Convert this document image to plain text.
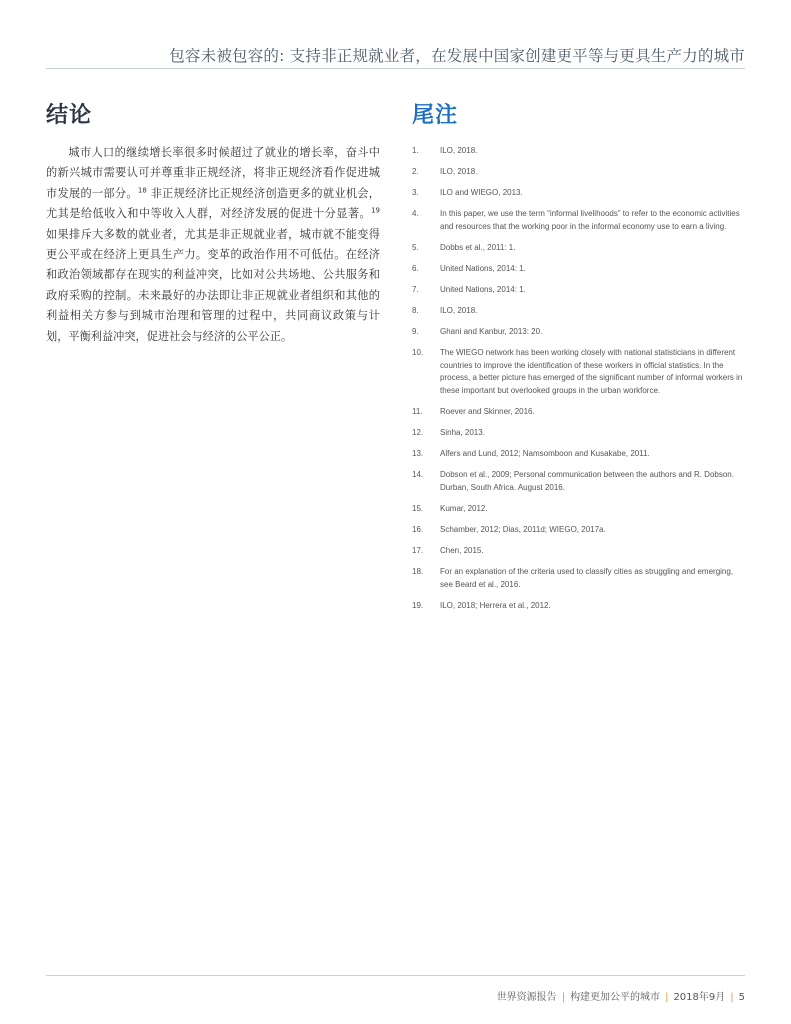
包容未被包容的: 支持非正规就业者，在发展中国家创建更平等与更具生产力的城市
结论

城市人口的继续增长率很多时候超过了就业的增长率，奋斗中的新兴城市需要认可并尊重非正规经济，将非正规经济看作促进城市发展的一部分。$^{18}$ 非正规经济比正规经济创造更多的就业机会，尤其是给低收入和中等收入人群，对经济发展的促进十分显著。$^{19}$ 如果排斥大多数的就业者，尤其是非正规就业者，城市就不能变得更公平或在经济上更具生产力。变革的政治作用不可低估。在经济和政治领域都存在现实的利益冲突，比如对公共场地、公共服务和政府采购的控制。未来最好的办法即让非正规就业者组织和其他的利益相关方参与到城市治理和管理的过程中，共同商议政策与计划，平衡利益冲突，促进社会与经济的公平公正。

尾注
1.	ILO, 2018.
2.	ILO, 2018.
3.	ILO and WIEGO, 2013.
4.	In this paper, we use the term “informal livelihoods” to refer to the economic activities and resources that the working poor in the informal economy use to earn a living.
5.	Dobbs et al., 2011: 1.
6.	United Nations, 2014: 1.
7.	United Nations, 2014: 1.
8.	ILO, 2018.
9.	Ghani and Kanbur, 2013: 20.
10.	The WIEGO network has been working closely with national statisticians in different countries to improve the identification of these workers in official statistics. In the process, a better picture has emerged of the significant number of informal workers in these important but overlooked groups in the urban workforce.
11.	Roever and Skinner, 2016.
12.	Sinha, 2013.
13.	Alfers and Lund, 2012; Namsomboon and Kusakabe, 2011.
14.	Dobson et al., 2009; Personal communication between the authors and R. Dobson. Durban, South Africa. August 2016.
15.	Kumar, 2012.
16.	Schamber, 2012; Dias, 2011d; WIEGO, 2017a.
17.	Chen, 2015.
18.	For an explanation of the criteria used to classify cities as struggling and emerging, see Beard et al., 2016.
19.	ILO, 2018; Herrera et al., 2012.
世界资源报告 | 构建更加公平的城市 | 2018年9月 | 5
